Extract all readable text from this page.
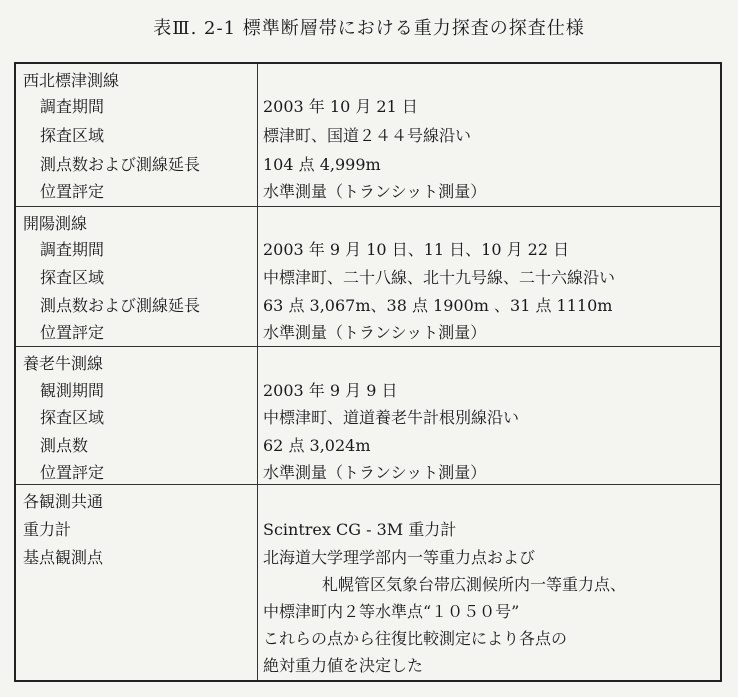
表Ⅲ. 2-1 標準断層帯における重力探査の探査仕様
西北標津測線
調査期間	2003 年 10 月 21 日
探査区域	標津町、国道２４４号線沿い
測点数および測線延長	104 点 4,999m
位置評定	水準測量（トランシット測量）
開陽測線
調査期間	2003 年 9 月 10 日、11 日、10 月 22 日
探査区域	中標津町、二十八線、北十九号線、二十六線沿い
測点数および測線延長	63 点 3,067m、38 点 1900m 、31 点 1110m
位置評定	水準測量（トランシット測量）
養老牛測線
観測期間	2003 年 9 月 9 日
探査区域	中標津町、道道養老牛計根別線沿い
測点数	62 点 3,024m
位置評定	水準測量（トランシット測量）
各観測共通
重力計	Scintrex CG - 3M 重力計
基点観測点	北海道大学理学部内一等重力点および
札幌管区気象台帯広測候所内一等重力点、
中標津町内２等水準点“１０５０号”
これらの点から往復比較測定により各点の
絶対重力値を決定した
